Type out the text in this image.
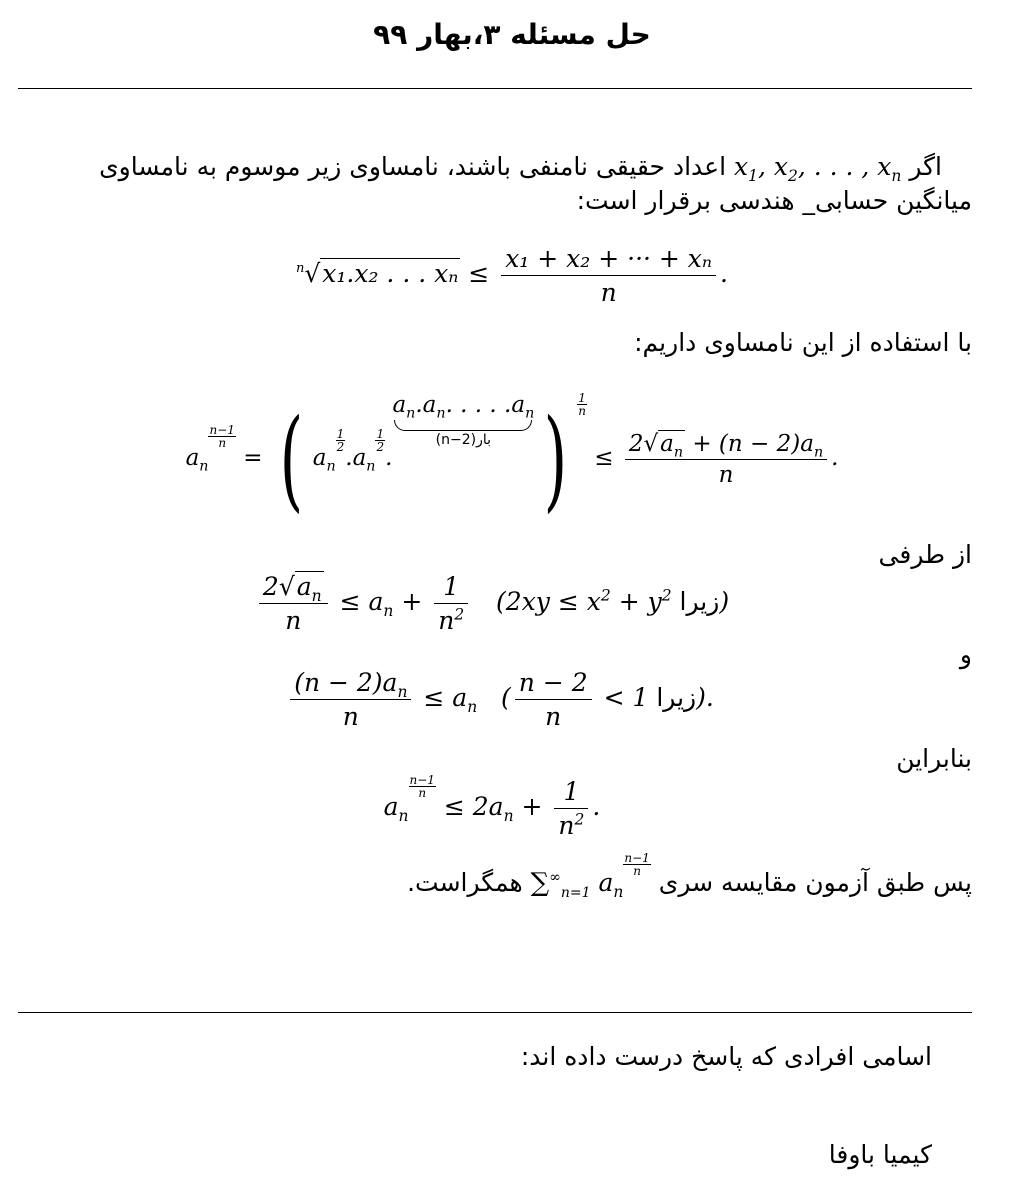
حل مسئله ۳،بهار ۹۹
اگر $x_1$, $x_2$, . . . , $x_n$ اعداد حقیقی نامنفی باشند، نامساوی زیر موسوم به نامساوی میانگین حسابی_ هندسی برقرار است:
$^n$√x₁.x₂ . . . $x_n \le \frac{\text{x₁ + x₂ + ··· + xₙ}}{n}$ .
با استفاده از این نامساوی داریم:
$a_n$
$\frac{n-1}{n}$
= ( $a_n$
$\frac{1}{2}$
$.a_n$
$\frac{1}{2}$
$.a_n.a_n$. . . . $.a_n$
(n−2)بار ) $\frac{1}{n}$
≤ $\frac{2√a_n + (n - 2)a_n}{n}$ .
از طرفی
$\frac{2√a_n}{n} \le a_n + \frac{1}{n^2} (2xy \le x^2 + y^2$ زیرا)
و
$\frac{(n - 2)a_n}{n} \le a_n$   ( $\frac{n - 2}{n} < 1$ زیرا).
بنابراین
$a_n$
$\frac{n-1}{n}$
≤ $2a_n + \frac{1}{n^2}$ .
پس طبق آزمون مقایسه سری $\sum^\infty_{n=1}$ $a_n$
$\frac{n-1}{n}$
همگراست.
اسامی افرادی که پاسخ درست داده اند:
کیمیا باوفا
